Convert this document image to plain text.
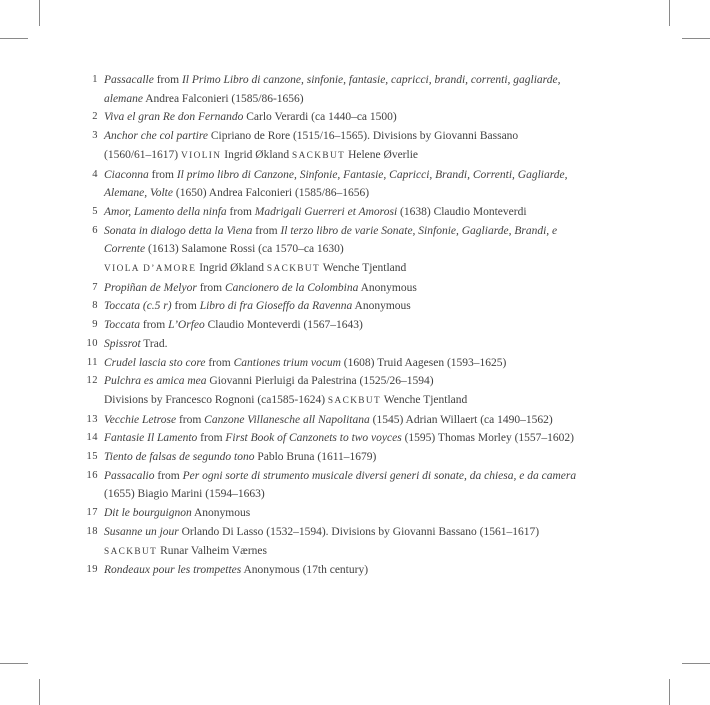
1 Passacalle from Il Primo Libro di canzone, sinfonie, fantasie, capricci, brandi, correnti, gagliarde,
alemane Andrea Falconieri (1585/86-1656)
2 Viva el gran Re don Fernando Carlo Verardi (ca 1440–ca 1500)
3 Anchor che col partire Cipriano de Rore (1515/16–1565). Divisions by Giovanni Bassano
(1560/61–1617) VIOLIN Ingrid Økland SACKBUT Helene Øverlie
4 Ciaconna from Il primo libro di Canzone, Sinfonie, Fantasie, Capricci, Brandi, Correnti, Gagliarde,
Alemane, Volte (1650) Andrea Falconieri (1585/86–1656)
5 Amor, Lamento della ninfa from Madrigali Guerreri et Amorosi (1638) Claudio Monteverdi
6 Sonata in dialogo detta la Viena from Il terzo libro de varie Sonate, Sinfonie, Gagliarde, Brandi, e
Corrente (1613) Salamone Rossi (ca 1570–ca 1630)
VIOLA D’AMORE Ingrid Økland SACKBUT Wenche Tjentland
7 Propiñan de Melyor from Cancionero de la Colombina Anonymous
8 Toccata (c.5 r) from Libro di fra Gioseffo da Ravenna Anonymous
9 Toccata from L’Orfeo Claudio Monteverdi (1567–1643)
10 Spissrot Trad.
11 Crudel lascia sto core from Cantiones trium vocum (1608) Truid Aagesen (1593–1625)
12 Pulchra es amica mea Giovanni Pierluigi da Palestrina (1525/26–1594)
Divisions by Francesco Rognoni (ca1585-1624) SACKBUT Wenche Tjentland
13 Vecchie Letrose from Canzone Villanesche all Napolitana (1545) Adrian Willaert (ca 1490–1562)
14 Fantasie Il Lamento from First Book of Canzonets to two voyces (1595) Thomas Morley (1557–1602)
15 Tiento de falsas de segundo tono Pablo Bruna (1611–1679)
16 Passacalio from Per ogni sorte di strumento musicale diversi generi di sonate, da chiesa, e da camera
(1655) Biagio Marini (1594–1663)
17 Dit le bourguignon Anonymous
18 Susanne un jour Orlando Di Lasso (1532–1594). Divisions by Giovanni Bassano (1561–1617)
SACKBUT Runar Valheim Værnes
19 Rondeaux pour les trompettes Anonymous (17th century)
